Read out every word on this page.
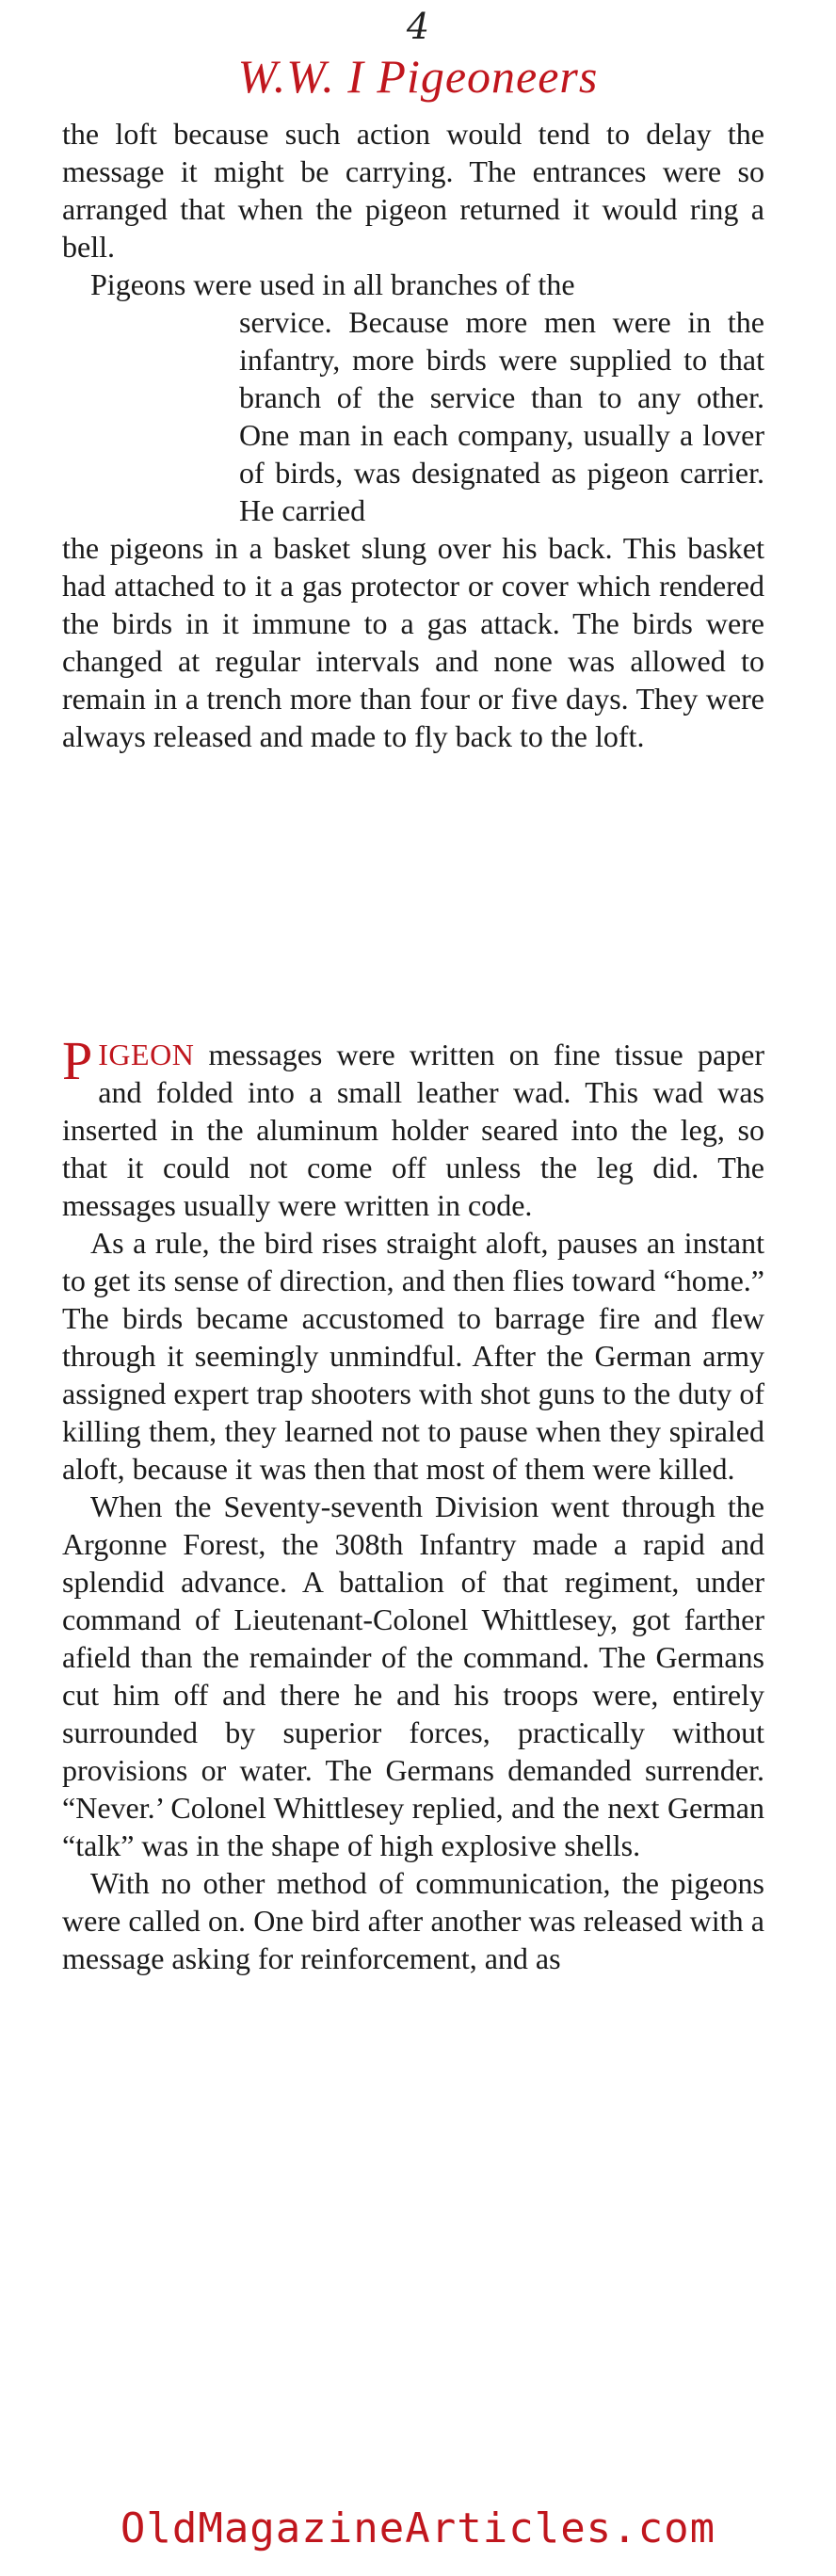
4
W.W. I Pigeoneers

the loft because such action would tend to delay the message it might be carrying. The entrances were so arranged that when the pigeon returned it would ring a bell.

Pigeons were used in all branches of the

service. Because more men were in the infantry, more birds were supplied to that branch of the service than to any other. One man in each company, usually a lover of birds, was designated as pigeon carrier. He carried

the pigeons in a basket slung over his back. This basket had attached to it a gas protector or cover which rendered the birds in it immune to a gas attack. The birds were changed at regular intervals and none was allowed to remain in a trench more than four or five days. They were always released and made to fly back to the loft.

PIGEON messages were written on fine tissue paper and folded into a small leather wad. This wad was inserted in the aluminum holder seared into the leg, so that it could not come off unless the leg did. The messages usually were written in code.

As a rule, the bird rises straight aloft, pauses an instant to get its sense of direction, and then flies toward “home.” The birds became accustomed to barrage fire and flew through it seemingly unmindful. After the German army assigned expert trap shooters with shot guns to the duty of killing them, they learned not to pause when they spiraled aloft, because it was then that most of them were killed.

When the Seventy-seventh Division went through the Argonne Forest, the 308th Infantry made a rapid and splendid advance. A battalion of that regiment, under command of Lieutenant-Colonel Whittlesey, got farther afield than the remainder of the command. The Germans cut him off and there he and his troops were, entirely surrounded by superior forces, practically without provisions or water. The Germans demanded surrender. “Never.’ Colonel Whittlesey replied, and the next German “talk” was in the shape of high explosive shells.

With no other method of communication, the pigeons were called on. One bird after another was released with a message asking for reinforcement, and as

OldMagazineArticles.com
